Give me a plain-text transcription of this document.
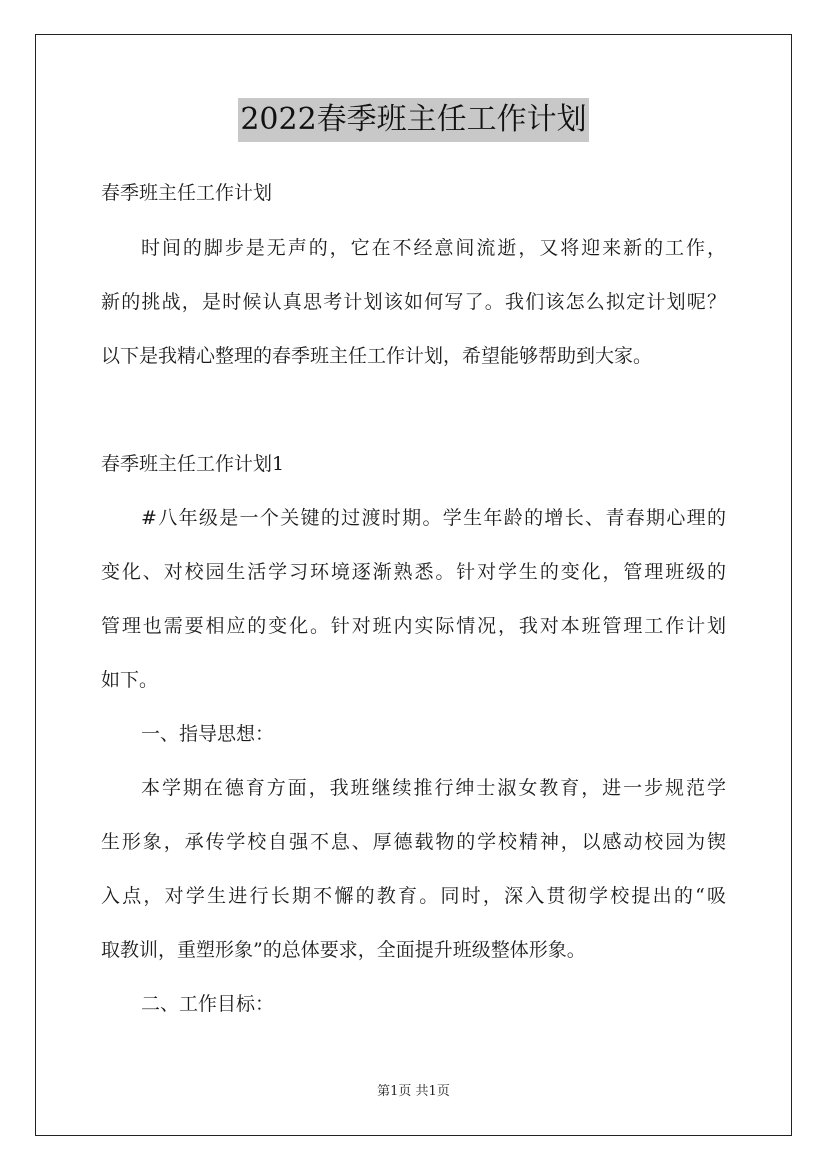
2022春季班主任工作计划
春季班主任工作计划
时间的脚步是无声的，它在不经意间流逝，又将迎来新的工作，
新的挑战，是时候认真思考计划该如何写了。我们该怎么拟定计划呢？
以下是我精心整理的春季班主任工作计划，希望能够帮助到大家。
春季班主任工作计划1
#八年级是一个关键的过渡时期。学生年龄的增长、青春期心理的
变化、对校园生活学习环境逐渐熟悉。针对学生的变化，管理班级的
管理也需要相应的变化。针对班内实际情况，我对本班管理工作计划
如下。
一、指导思想：
本学期在德育方面，我班继续推行绅士淑女教育，进一步规范学
生形象，承传学校自强不息、厚德载物的学校精神，以感动校园为锲
入点，对学生进行长期不懈的教育。同时，深入贯彻学校提出的“吸
取教训，重塑形象”的总体要求，全面提升班级整体形象。
二、工作目标：
第1页 共1页
